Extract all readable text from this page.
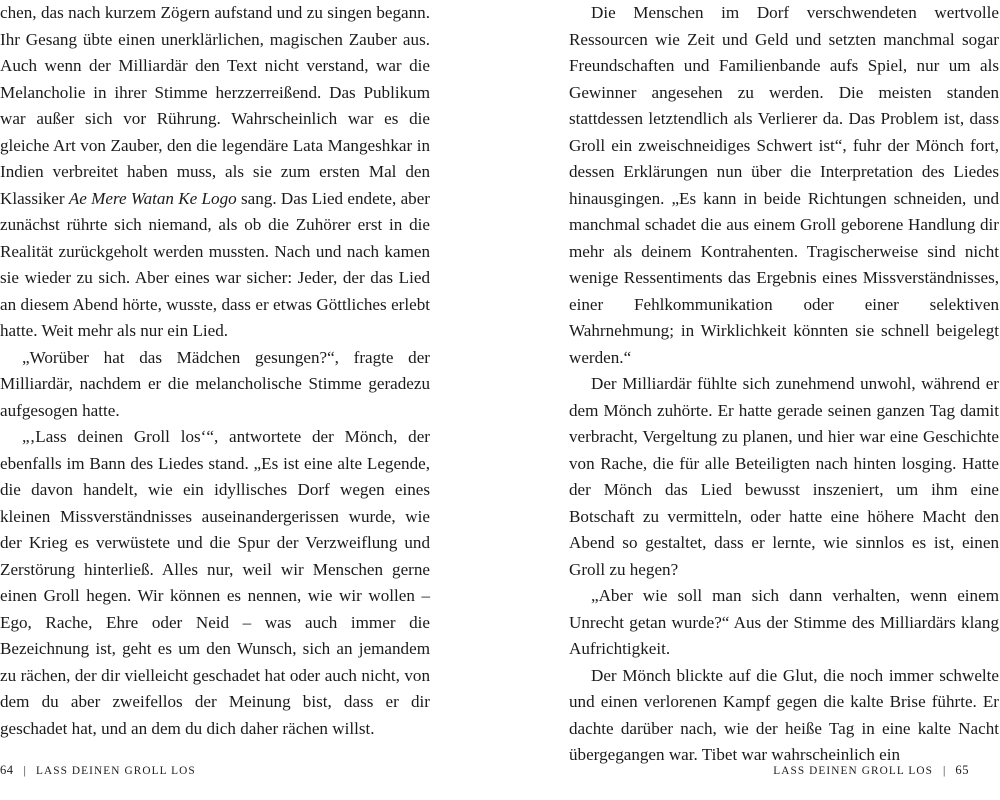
chen, das nach kurzem Zögern aufstand und zu singen begann. Ihr Gesang übte einen unerklärlichen, magischen Zauber aus. Auch wenn der Milliardär den Text nicht verstand, war die Melancholie in ihrer Stimme herzzerreißend. Das Publikum war außer sich vor Rührung. Wahrscheinlich war es die gleiche Art von Zauber, den die legendäre Lata Mangeshkar in Indien verbreitet haben muss, als sie zum ersten Mal den Klassiker Ae Mere Watan Ke Logo sang. Das Lied endete, aber zunächst rührte sich niemand, als ob die Zuhörer erst in die Realität zurückgeholt werden mussten. Nach und nach kamen sie wieder zu sich. Aber eines war sicher: Jeder, der das Lied an diesem Abend hörte, wusste, dass er etwas Göttliches erlebt hatte. Weit mehr als nur ein Lied.

„Worüber hat das Mädchen gesungen?“, fragte der Milliardär, nachdem er die melancholische Stimme geradezu aufgesogen hatte.

„‚Lass deinen Groll los‘“, antwortete der Mönch, der ebenfalls im Bann des Liedes stand. „Es ist eine alte Legende, die davon handelt, wie ein idyllisches Dorf wegen eines kleinen Missverständnisses auseinandergerissen wurde, wie der Krieg es verwüstete und die Spur der Verzweiflung und Zerstörung hinterließ. Alles nur, weil wir Menschen gerne einen Groll hegen. Wir können es nennen, wie wir wollen – Ego, Rache, Ehre oder Neid – was auch immer die Bezeichnung ist, geht es um den Wunsch, sich an jemandem zu rächen, der dir vielleicht geschadet hat oder auch nicht, von dem du aber zweifellos der Meinung bist, dass er dir geschadet hat, und an dem du dich daher rächen willst.

64 | LASS DEINEN GROLL LOS

Die Menschen im Dorf verschwendeten wertvolle Ressourcen wie Zeit und Geld und setzten manchmal sogar Freundschaften und Familienbande aufs Spiel, nur um als Gewinner angesehen zu werden. Die meisten standen stattdessen letztendlich als Verlierer da. Das Problem ist, dass Groll ein zweischneidiges Schwert ist“, fuhr der Mönch fort, dessen Erklärungen nun über die Interpretation des Liedes hinausgingen. „Es kann in beide Richtungen schneiden, und manchmal schadet die aus einem Groll geborene Handlung dir mehr als deinem Kontrahenten. Tragischerweise sind nicht wenige Ressentiments das Ergebnis eines Missverständnisses, einer Fehlkommunikation oder einer selektiven Wahrnehmung; in Wirklichkeit könnten sie schnell beigelegt werden.“

Der Milliardär fühlte sich zunehmend unwohl, während er dem Mönch zuhörte. Er hatte gerade seinen ganzen Tag damit verbracht, Vergeltung zu planen, und hier war eine Geschichte von Rache, die für alle Beteiligten nach hinten losging. Hatte der Mönch das Lied bewusst inszeniert, um ihm eine Botschaft zu vermitteln, oder hatte eine höhere Macht den Abend so gestaltet, dass er lernte, wie sinnlos es ist, einen Groll zu hegen?

„Aber wie soll man sich dann verhalten, wenn einem Unrecht getan wurde?“ Aus der Stimme des Milliardärs klang Aufrichtigkeit.

Der Mönch blickte auf die Glut, die noch immer schwelte und einen verlorenen Kampf gegen die kalte Brise führte. Er dachte darüber nach, wie der heiße Tag in eine kalte Nacht übergegangen war. Tibet war wahrscheinlich ein

LASS DEINEN GROLL LOS | 65
